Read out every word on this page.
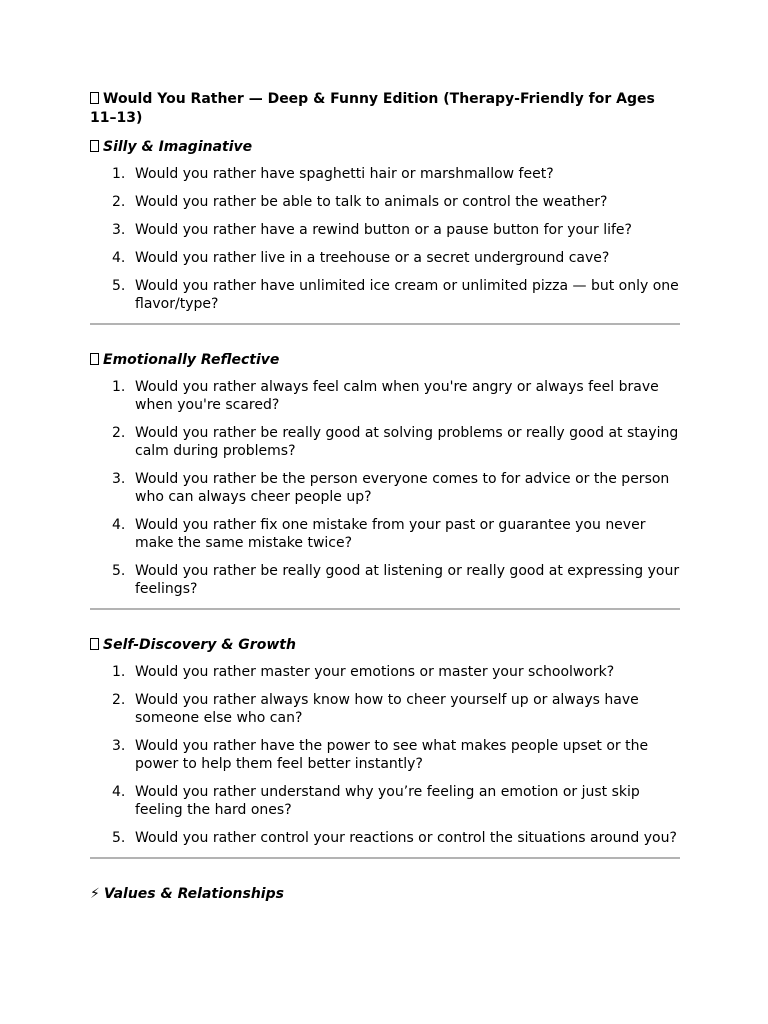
Would You Rather — Deep & Funny Edition (Therapy-Friendly for Ages 11–13)
Silly & Imaginative
1. Would you rather have spaghetti hair or marshmallow feet?
2. Would you rather be able to talk to animals or control the weather?
3. Would you rather have a rewind button or a pause button for your life?
4. Would you rather live in a treehouse or a secret underground cave?
5. Would you rather have unlimited ice cream or unlimited pizza — but only one flavor/type?
Emotionally Reflective
1. Would you rather always feel calm when you're angry or always feel brave when you're scared?
2. Would you rather be really good at solving problems or really good at staying calm during problems?
3. Would you rather be the person everyone comes to for advice or the person who can always cheer people up?
4. Would you rather fix one mistake from your past or guarantee you never make the same mistake twice?
5. Would you rather be really good at listening or really good at expressing your feelings?
Self-Discovery & Growth
1. Would you rather master your emotions or master your schoolwork?
2. Would you rather always know how to cheer yourself up or always have someone else who can?
3. Would you rather have the power to see what makes people upset or the power to help them feel better instantly?
4. Would you rather understand why you’re feeling an emotion or just skip feeling the hard ones?
5. Would you rather control your reactions or control the situations around you?
⚡ Values & Relationships
